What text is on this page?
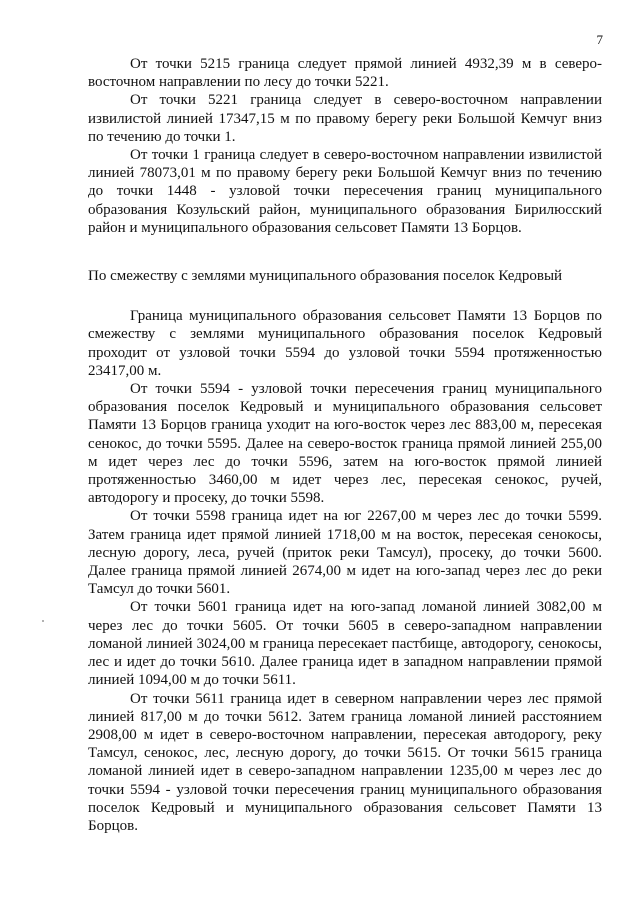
7

От точки 5215 граница следует прямой линией 4932,39 м в северо-восточном направлении по лесу до точки 5221.

От точки 5221 граница следует в северо-восточном направлении извилистой линией 17347,15 м по правому берегу реки Большой Кемчуг вниз по течению до точки 1.

От точки 1 граница следует в северо-восточном направлении извилистой линией 78073,01 м по правому берегу реки Большой Кемчуг вниз по течению до точки 1448 - узловой точки пересечения границ муниципального образования Козульский район, муниципального образования Бирилюсский район и муниципального образования сельсовет Памяти 13 Борцов.

По смежеству с землями муниципального образования поселок Кедровый

Граница муниципального образования сельсовет Памяти 13 Борцов по смежеству с землями муниципального образования поселок Кедровый проходит от узловой точки 5594 до узловой точки 5594 протяженностью 23417,00 м.

От точки 5594 - узловой точки пересечения границ муниципального образования поселок Кедровый и муниципального образования сельсовет Памяти 13 Борцов граница уходит на юго-восток через лес 883,00 м, пересекая сенокос, до точки 5595. Далее на северо-восток граница прямой линией 255,00 м идет через лес до точки 5596, затем на юго-восток прямой линией протяженностью 3460,00 м идет через лес, пересекая сенокос, ручей, автодорогу и просеку, до точки 5598.

От точки 5598 граница идет на юг 2267,00 м через лес до точки 5599. Затем граница идет прямой линией 1718,00 м на восток, пересекая сенокосы, лесную дорогу, леса, ручей (приток реки Тамсул), просеку, до точки 5600. Далее граница прямой линией 2674,00 м идет на юго-запад через лес до реки Тамсул до точки 5601.

От точки 5601 граница идет на юго-запад ломаной линией 3082,00 м через лес до точки 5605. От точки 5605 в северо-западном направлении ломаной линией 3024,00 м граница пересекает пастбище, автодорогу, сенокосы, лес и идет до точки 5610. Далее граница идет в западном направлении прямой линией 1094,00 м до точки 5611.

От точки 5611 граница идет в северном направлении через лес прямой линией 817,00 м до точки 5612. Затем граница ломаной линией расстоянием 2908,00 м идет в северо-восточном направлении, пересекая автодорогу, реку Тамсул, сенокос, лес, лесную дорогу, до точки 5615. От точки 5615 граница ломаной линией идет в северо-западном направлении 1235,00 м через лес до точки 5594 - узловой точки пересечения границ муниципального образования поселок Кедровый и муниципального образования сельсовет Памяти 13 Борцов.
